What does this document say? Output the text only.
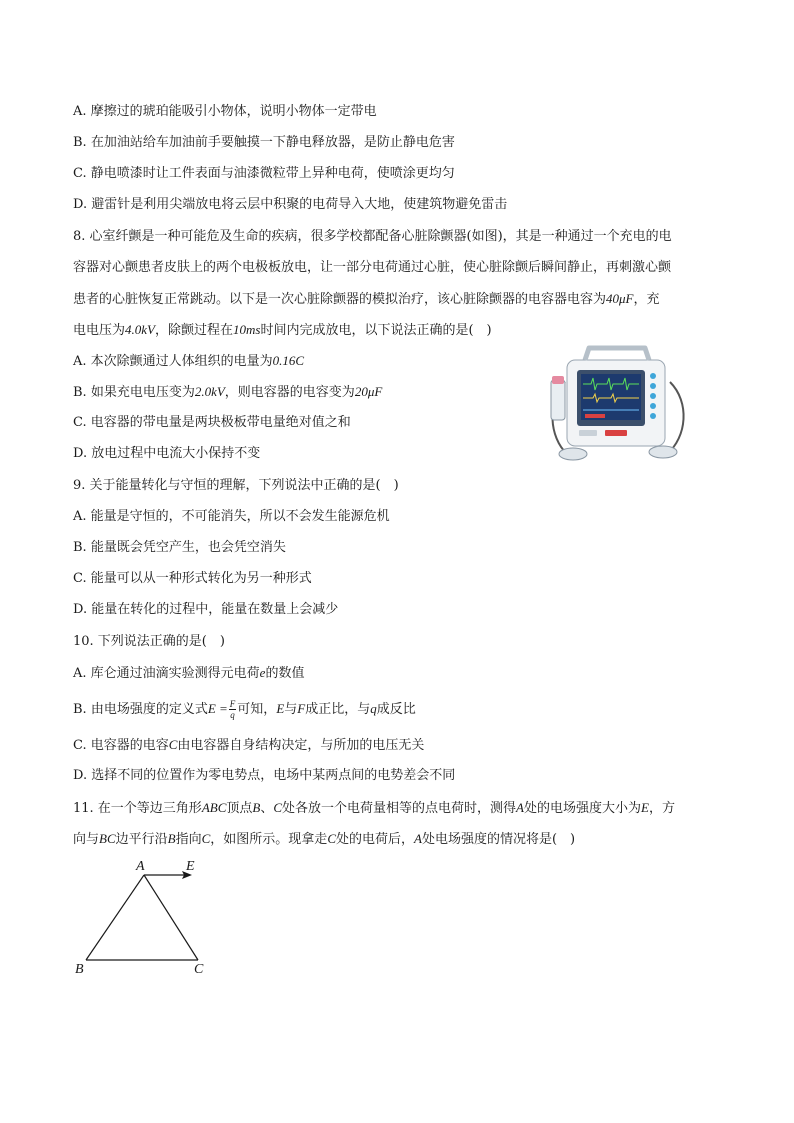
A. 摩擦过的琥珀能吸引小物体，说明小物体一定带电
B. 在加油站给车加油前手要触摸一下静电释放器，是防止静电危害
C. 静电喷漆时让工件表面与油漆微粒带上异种电荷，使喷涂更均匀
D. 避雷针是利用尖端放电将云层中积聚的电荷导入大地，使建筑物避免雷击
8. 心室纤颤是一种可能危及生命的疾病，很多学校都配备心脏除颤器(如图)，其是一种通过一个充电的电
容器对心颤患者皮肤上的两个电极板放电，让一部分电荷通过心脏，使心脏除颤后瞬间静止，再刺激心颤
患者的心脏恢复正常跳动。以下是一次心脏除颤器的模拟治疗，该心脏除颤器的电容器电容为40μF，充
电电压为4.0kV，除颤过程在10ms时间内完成放电，以下说法正确的是(　)
A. 本次除颤通过人体组织的电量为0.16C
B. 如果充电电压变为2.0kV，则电容器的电容变为20μF
C. 电容器的带电量是两块极板带电量绝对值之和
D. 放电过程中电流大小保持不变
9. 关于能量转化与守恒的理解，下列说法中正确的是(　)
A. 能量是守恒的，不可能消失，所以不会发生能源危机
B. 能量既会凭空产生，也会凭空消失
C. 能量可以从一种形式转化为另一种形式
D. 能量在转化的过程中，能量在数量上会减少
10. 下列说法正确的是(　)
A. 库仑通过油滴实验测得元电荷e的数值
B. 由电场强度的定义式$E = \frac{F}{q}$ 可知，E与F成正比，与q成反比
C. 电容器的电容C由电容器自身结构决定，与所加的电压无关
D. 选择不同的位置作为零电势点，电场中某两点间的电势差会不同
11. 在一个等边三角形ABC顶点B、C处各放一个电荷量相等的点电荷时，测得A处的电场强度大小为E，方
向与BC边平行沿B指向C，如图所示。现拿走C处的电荷后，A处电场强度的情况将是(　)
A	E
B	C
